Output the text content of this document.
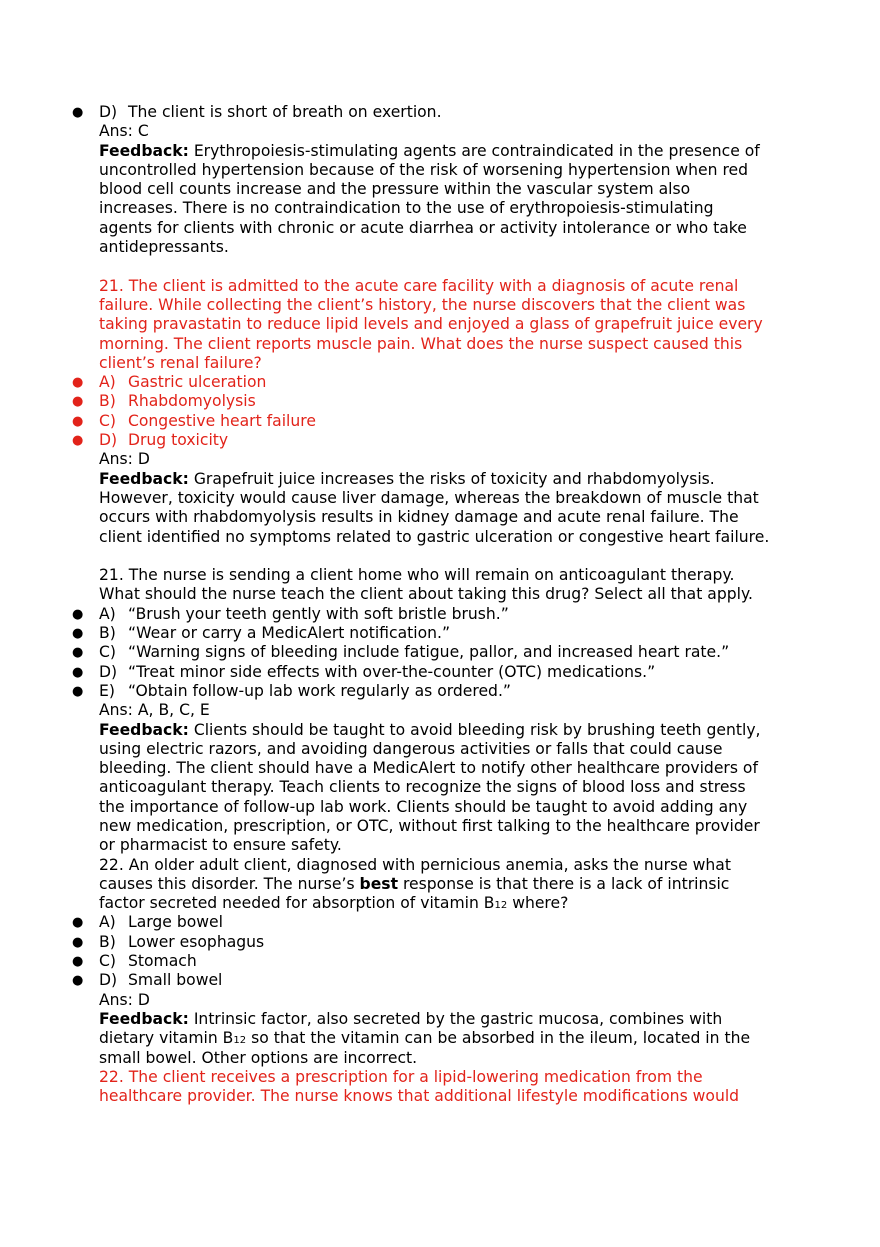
● D) The client is short of breath on exertion.
Ans: C
Feedback: Erythropoiesis-stimulating agents are contraindicated in the presence of
uncontrolled hypertension because of the risk of worsening hypertension when red
blood cell counts increase and the pressure within the vascular system also
increases. There is no contraindication to the use of erythropoiesis-stimulating
agents for clients with chronic or acute diarrhea or activity intolerance or who take
antidepressants.
21. The client is admitted to the acute care facility with a diagnosis of acute renal
failure. While collecting the client’s history, the nurse discovers that the client was
taking pravastatin to reduce lipid levels and enjoyed a glass of grapefruit juice every
morning. The client reports muscle pain. What does the nurse suspect caused this
client’s renal failure?
● A) Gastric ulceration
● B) Rhabdomyolysis
● C) Congestive heart failure
● D) Drug toxicity
Ans: D
Feedback: Grapefruit juice increases the risks of toxicity and rhabdomyolysis.
However, toxicity would cause liver damage, whereas the breakdown of muscle that
occurs with rhabdomyolysis results in kidney damage and acute renal failure. The
client identified no symptoms related to gastric ulceration or congestive heart failure.
21. The nurse is sending a client home who will remain on anticoagulant therapy.
What should the nurse teach the client about taking this drug? Select all that apply.
● A) “Brush your teeth gently with soft bristle brush.”
● B) “Wear or carry a MedicAlert notification.”
● C) “Warning signs of bleeding include fatigue, pallor, and increased heart rate.”
● D) “Treat minor side effects with over-the-counter (OTC) medications.”
● E) “Obtain follow-up lab work regularly as ordered.”
Ans: A, B, C, E
Feedback: Clients should be taught to avoid bleeding risk by brushing teeth gently,
using electric razors, and avoiding dangerous activities or falls that could cause
bleeding. The client should have a MedicAlert to notify other healthcare providers of
anticoagulant therapy. Teach clients to recognize the signs of blood loss and stress
the importance of follow-up lab work. Clients should be taught to avoid adding any
new medication, prescription, or OTC, without first talking to the healthcare provider
or pharmacist to ensure safety.
22. An older adult client, diagnosed with pernicious anemia, asks the nurse what
causes this disorder. The nurse’s best response is that there is a lack of intrinsic
factor secreted needed for absorption of vitamin B12 where?
● A) Large bowel
● B) Lower esophagus
● C) Stomach
● D) Small bowel
Ans: D
Feedback: Intrinsic factor, also secreted by the gastric mucosa, combines with
dietary vitamin B12 so that the vitamin can be absorbed in the ileum, located in the
small bowel. Other options are incorrect.
22. The client receives a prescription for a lipid-lowering medication from the
healthcare provider. The nurse knows that additional lifestyle modifications would
